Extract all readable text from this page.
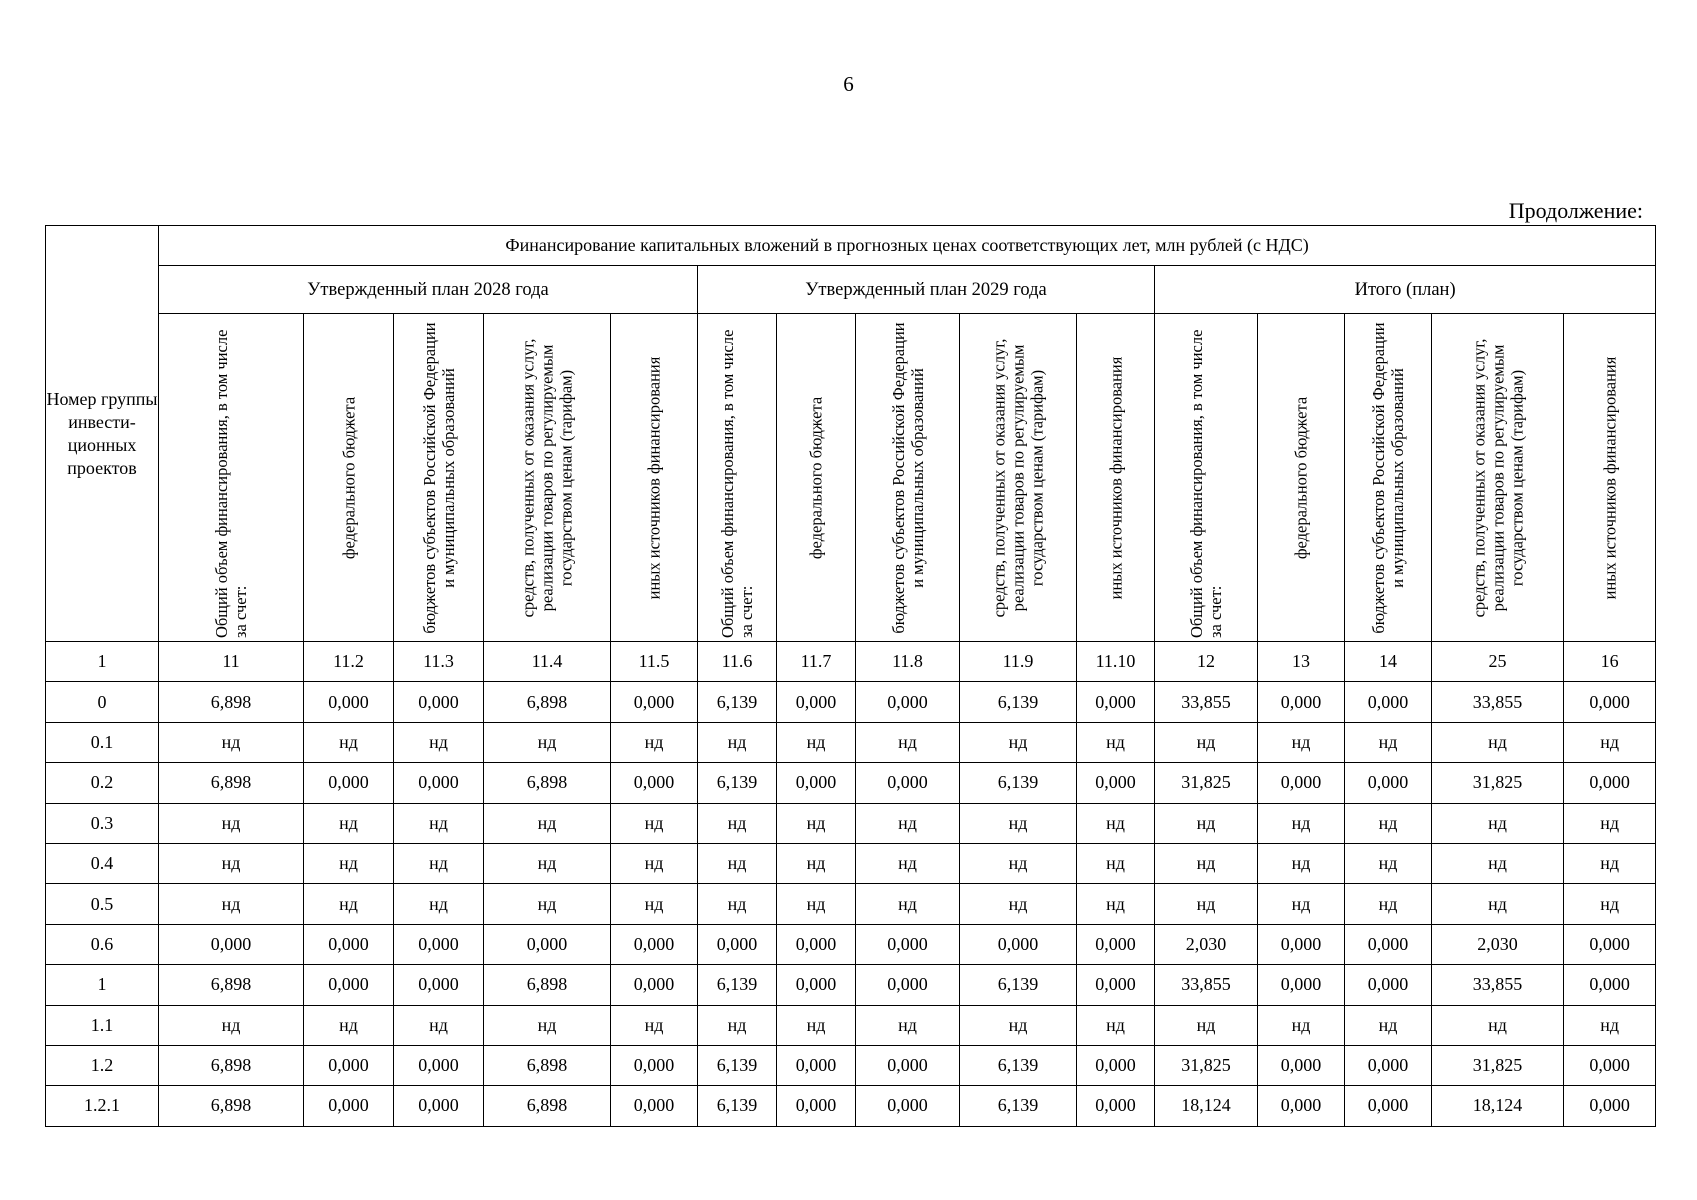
6
Продолжение:
Номер группы инвести-ционных проектов	Финансирование капитальных вложений в прогнозных ценах соответствующих лет, млн рублей (с НДС)														
	Утвержденный план 2028 года					Утвержденный план 2029 года					Итого (план)				

	Общий объем финансирования, в том числе за счет:	федерального бюджета	бюджетов субъектов Российской Федерации и муниципальных образований	средств, полученных от оказания услуг, реализации товаров по регулируемым государством ценам (тарифам)	иных источников финансирования	Общий объем финансирования, в том числе за счет:	федерального бюджета	бюджетов субъектов Российской Федерации и муниципальных образований	средств, полученных от оказания услуг, реализации товаров по регулируемым государством ценам (тарифам)	иных источников финансирования	Общий объем финансирования, в том числе за счет:	федерального бюджета	бюджетов субъектов Российской Федерации и муниципальных образований	средств, полученных от оказания услуг, реализации товаров по регулируемым государством ценам (тарифам)	иных источников финансирования

1	11	11.2	11.3	11.4	11.5	11.6	11.7	11.8	11.9	11.10	12	13	14	25	16
0	6,898	0,000	0,000	6,898	0,000	6,139	0,000	0,000	6,139	0,000	33,855	0,000	0,000	33,855	0,000
0.1	нд	нд	нд	нд	нд	нд	нд	нд	нд	нд	нд	нд	нд	нд	нд
0.2	6,898	0,000	0,000	6,898	0,000	6,139	0,000	0,000	6,139	0,000	31,825	0,000	0,000	31,825	0,000
0.3	нд	нд	нд	нд	нд	нд	нд	нд	нд	нд	нд	нд	нд	нд	нд
0.4	нд	нд	нд	нд	нд	нд	нд	нд	нд	нд	нд	нд	нд	нд	нд
0.5	нд	нд	нд	нд	нд	нд	нд	нд	нд	нд	нд	нд	нд	нд	нд
0.6	0,000	0,000	0,000	0,000	0,000	0,000	0,000	0,000	0,000	0,000	2,030	0,000	0,000	2,030	0,000
1	6,898	0,000	0,000	6,898	0,000	6,139	0,000	0,000	6,139	0,000	33,855	0,000	0,000	33,855	0,000
1.1	нд	нд	нд	нд	нд	нд	нд	нд	нд	нд	нд	нд	нд	нд	нд
1.2	6,898	0,000	0,000	6,898	0,000	6,139	0,000	0,000	6,139	0,000	31,825	0,000	0,000	31,825	0,000
1.2.1	6,898	0,000	0,000	6,898	0,000	6,139	0,000	0,000	6,139	0,000	18,124	0,000	0,000	18,124	0,000
